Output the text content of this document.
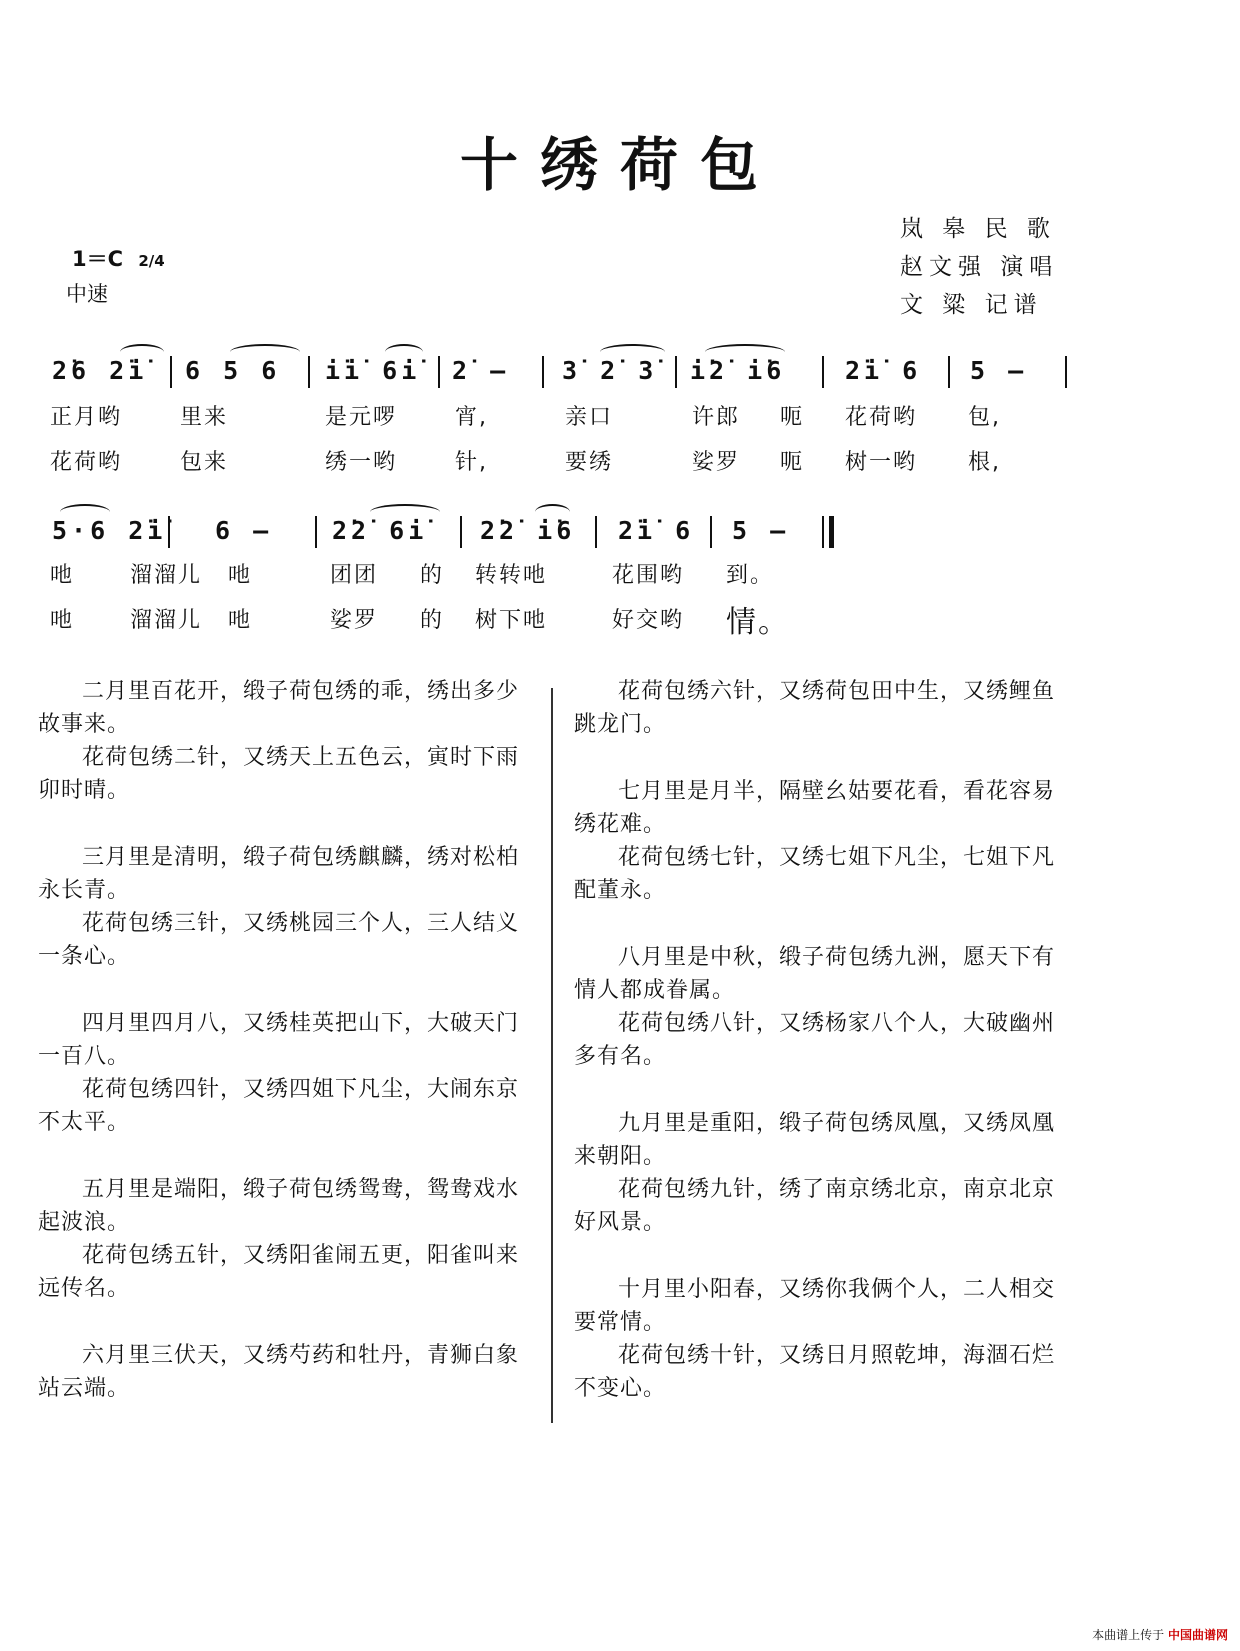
十绣荷包
1＝C 2/4
中速
岚 皋 民 歌
赵文强 演唱
文 粱 记谱
2̇6 2̇i̇ 6 5 6 i̇i̇ 6i̇ 2̇ – 3̇ 2̇ 3̇ i̇2̇ i̇6 2̇i̇ 6 5 –
正月哟	里来	是元啰	宵,	亲口	许郎 呃 花荷哟 包,
花荷哟	包来	绣一哟	针,	要绣	娑罗 呃 树一哟 根,
5·6 2̇i̇ 6 – 2̇2̇ 6i̇ 2̇2̇ i̇6 2̇i̇ 6 5 –
吔	溜溜儿 吔	团团 的 转转吔	花围哟 到。
吔	溜溜儿 吔	娑罗 的 树下吔	好交哟 情。
二月里百花开，缎子荷包绣的乖，绣出多少故事来。
花荷包绣二针，又绣天上五色云，寅时下雨卯时晴。
三月里是清明，缎子荷包绣麒麟，绣对松柏永长青。
花荷包绣三针，又绣桃园三个人，三人结义一条心。
四月里四月八，又绣桂英把山下，大破天门一百八。
花荷包绣四针，又绣四姐下凡尘，大闹东京不太平。
五月里是端阳，缎子荷包绣鸳鸯，鸳鸯戏水起波浪。
花荷包绣五针，又绣阳雀闹五更，阳雀叫来远传名。
六月里三伏天，又绣芍药和牡丹，青狮白象站云端。
花荷包绣六针，又绣荷包田中生，又绣鲤鱼跳龙门。
七月里是月半，隔壁幺姑要花看，看花容易绣花难。
花荷包绣七针，又绣七姐下凡尘，七姐下凡配董永。
八月里是中秋，缎子荷包绣九洲，愿天下有情人都成眷属。
花荷包绣八针，又绣杨家八个人，大破幽州多有名。
九月里是重阳，缎子荷包绣凤凰，又绣凤凰来朝阳。
花荷包绣九针，绣了南京绣北京，南京北京好风景。
十月里小阳春，又绣你我俩个人，二人相交要常情。
花荷包绣十针，又绣日月照乾坤，海涸石烂不变心。
本曲谱上传于 中国曲谱网
